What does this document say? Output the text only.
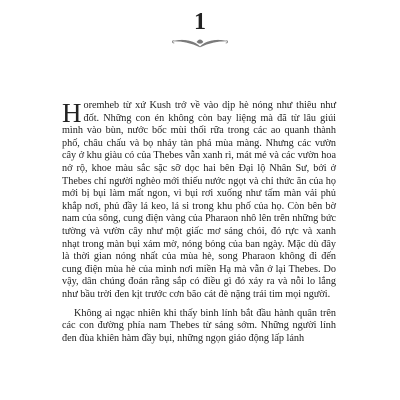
1

Horemheb từ xứ Kush trở về vào dịp hè nóng như thiêu như đốt. Những con én không còn bay liệng mà đã từ lâu giúi mình vào bùn, nước bốc mùi thối rữa trong các ao quanh thành phố, châu chấu và bọ nhảy tàn phá mùa màng. Nhưng các vườn cây ở khu giàu có của Thebes vẫn xanh rì, mát mẻ và các vườn hoa nở rộ, khoe màu sắc sặc sỡ dọc hai bên Đại lộ Nhân Sư, bởi ở Thebes chỉ người nghèo mới thiếu nước ngọt và chỉ thức ăn của họ mới bị bụi làm mất ngon, vì bụi rơi xuống như tấm màn vải phủ khắp nơi, phủ đầy lá keo, lá si trong khu phố của họ. Còn bên bờ nam của sông, cung điện vàng của Pharaon nhô lên trên những bức tường và vườn cây như một giấc mơ sáng chói, đỏ rực và xanh nhạt trong màn bụi xám mờ, nóng bỏng của ban ngày. Mặc dù đây là thời gian nóng nhất của mùa hè, song Pharaon không đi đến cung điện mùa hè của mình nơi miền Hạ mà vẫn ở lại Thebes. Do vậy, dân chúng đoán rằng sắp có điều gì đó xảy ra và nỗi lo lắng như bầu trời đen kịt trước cơn bão cát đè nặng trái tim mọi người.

Không ai ngạc nhiên khi thấy binh lính bắt đầu hành quân trên các con đường phía nam Thebes từ sáng sớm. Những người lính đen đùa khiên hàm đầy bụi, những ngọn giáo động lấp lánh
